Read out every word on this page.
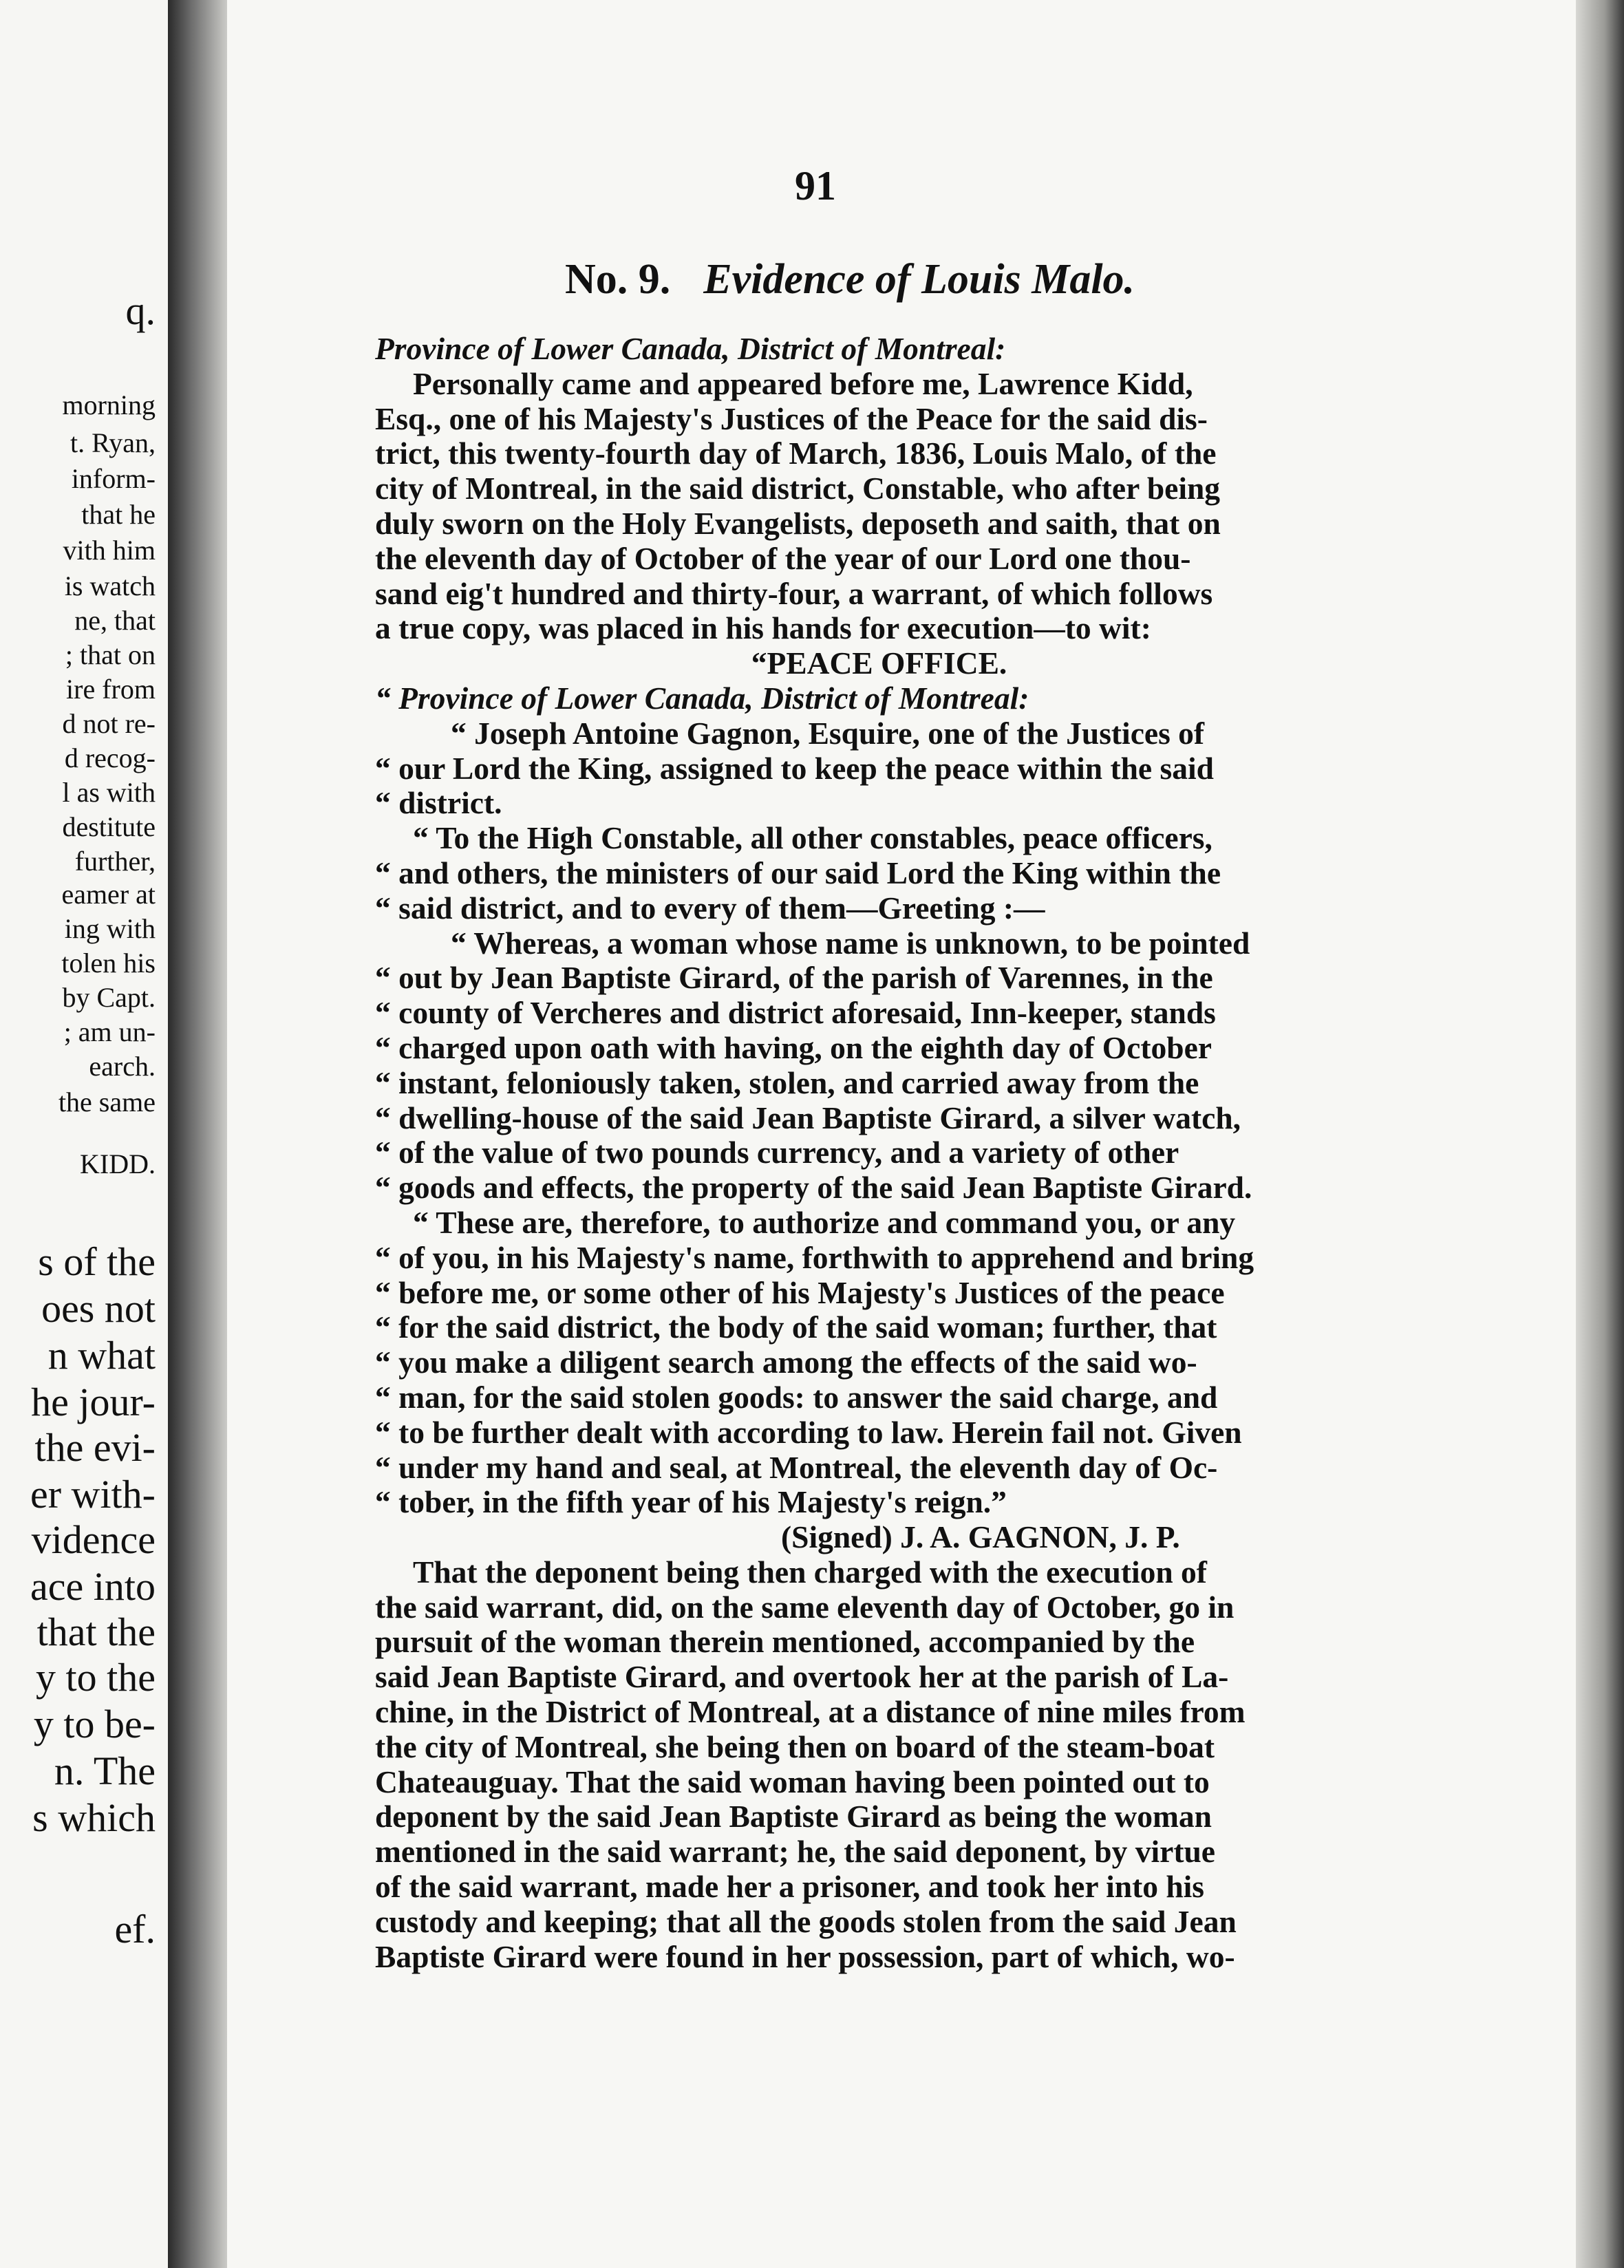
q.
morning
t. Ryan,
inform-
that he
vith him
is watch
ne, that
; that on
ire from
d not re-
d recog-
l as with
destitute
further,
eamer at
ing with
tolen his
by Capt.
; am un-
earch.
the same
KIDD.
s of the
oes not
n what
he jour-
the evi-
er with-
vidence
ace into
that the
y to the
y to be-
n. The
s which
ef.
91
No. 9. Evidence of Louis Malo.
Province of Lower Canada, District of Montreal:
Personally came and appeared before me, Lawrence Kidd,
Esq., one of his Majesty's Justices of the Peace for the said dis-
trict, this twenty-fourth day of March, 1836, Louis Malo, of the
city of Montreal, in the said district, Constable, who after being
duly sworn on the Holy Evangelists, deposeth and saith, that on
the eleventh day of October of the year of our Lord one thou-
sand eig't hundred and thirty-four, a warrant, of which follows
a true copy, was placed in his hands for execution—to wit:
“PEACE OFFICE.
“ Province of Lower Canada, District of Montreal:
“ Joseph Antoine Gagnon, Esquire, one of the Justices of
“ our Lord the King, assigned to keep the peace within the said
“ district.
“ To the High Constable, all other constables, peace officers,
“ and others, the ministers of our said Lord the King within the
“ said district, and to every of them—Greeting :—
“ Whereas, a woman whose name is unknown, to be pointed
“ out by Jean Baptiste Girard, of the parish of Varennes, in the
“ county of Vercheres and district aforesaid, Inn-keeper, stands
“ charged upon oath with having, on the eighth day of October
“ instant, feloniously taken, stolen, and carried away from the
“ dwelling-house of the said Jean Baptiste Girard, a silver watch,
“ of the value of two pounds currency, and a variety of other
“ goods and effects, the property of the said Jean Baptiste Girard.
“ These are, therefore, to authorize and command you, or any
“ of you, in his Majesty's name, forthwith to apprehend and bring
“ before me, or some other of his Majesty's Justices of the peace
“ for the said district, the body of the said woman; further, that
“ you make a diligent search among the effects of the said wo-
“ man, for the said stolen goods: to answer the said charge, and
“ to be further dealt with according to law. Herein fail not. Given
“ under my hand and seal, at Montreal, the eleventh day of Oc-
“ tober, in the fifth year of his Majesty's reign.”
(Signed) J. A. GAGNON, J. P.
That the deponent being then charged with the execution of
the said warrant, did, on the same eleventh day of October, go in
pursuit of the woman therein mentioned, accompanied by the
said Jean Baptiste Girard, and overtook her at the parish of La-
chine, in the District of Montreal, at a distance of nine miles from
the city of Montreal, she being then on board of the steam-boat
Chateauguay. That the said woman having been pointed out to
deponent by the said Jean Baptiste Girard as being the woman
mentioned in the said warrant; he, the said deponent, by virtue
of the said warrant, made her a prisoner, and took her into his
custody and keeping; that all the goods stolen from the said Jean
Baptiste Girard were found in her possession, part of which, wo-
